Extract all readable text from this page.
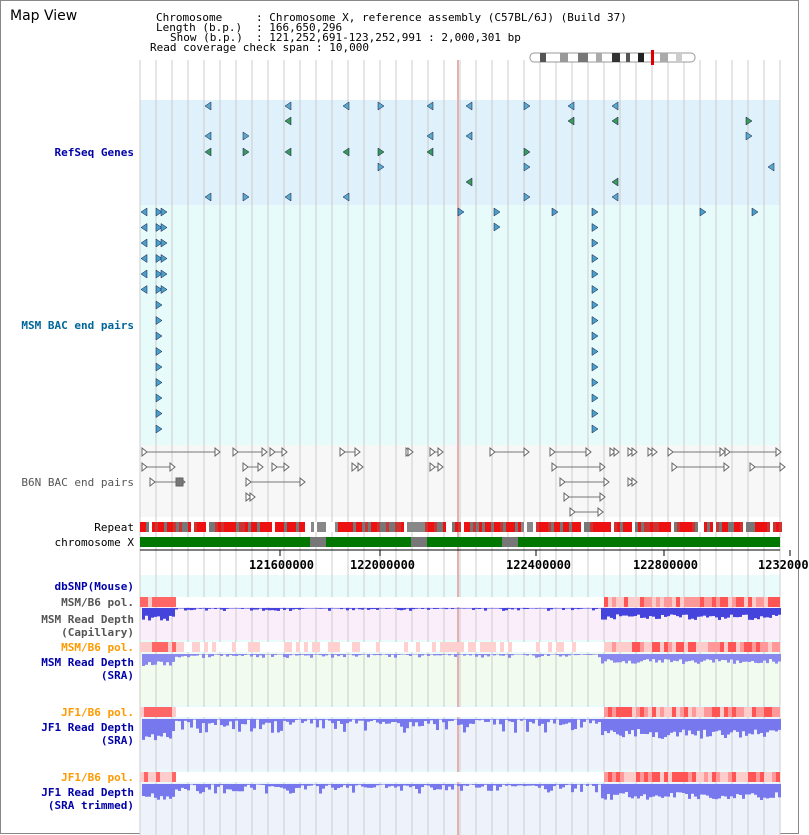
121600000	122000000	122400000	122800000	1232000
Map View	Chromosome	: Chromosome X, reference assembly (C57BL/6J) (Build 37)
Length (b.p.) : 166,650,296
Show (b.p.) : 121,252,691-123,252,991 : 2,000,301 bp
Read coverage check span : 10,000
RefSeq Genes
MSM BAC end pairs
B6N BAC end pairs
Repeat
chromosome X
dbSNP(Mouse)
MSM/B6 pol.
MSM Read Depth
(Capillary)
MSM/B6 pol.
MSM Read Depth
(SRA)
JF1/B6 pol.
JF1 Read Depth
(SRA)
JF1/B6 pol.
JF1 Read Depth
(SRA trimmed)
